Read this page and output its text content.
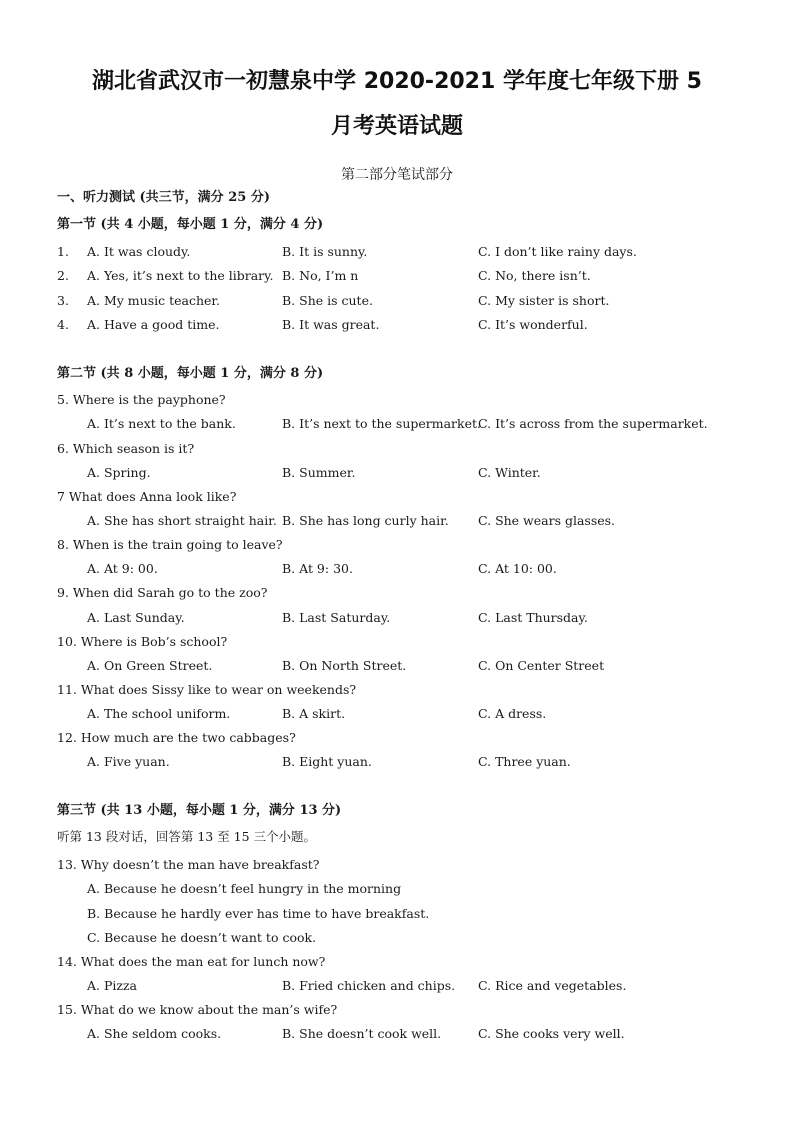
湖北省武汉市一初慧泉中学 2020-2021 学年度七年级下册 5
月考英语试题
第二部分笔试部分
一、听力测试 (共三节，满分 25 分)
第一节 (共 4 小题，每小题 1 分，满分 4 分)
1. A. It was cloudy.	B. It is sunny.	C. I don’t like rainy days.
2. A. Yes, it’s next to the library. B. No, I’m n	C. No, there isn’t.
3. A. My music teacher.	B. She is cute.	C. My sister is short.
4. A. Have a good time.	B. It was great.	C. It’s wonderful.
第二节 (共 8 小题，每小题 1 分，满分 8 分)
5. Where is the payphone?
A. It’s next to the bank.	B. It’s next to the supermarket.
C. It’s across from the supermarket.
6. Which season is it?
A. Spring.	B. Summer.	C. Winter.
7 What does Anna look like?
A. She has short straight hair. B. She has long curly hair. C. She wears glasses.
8. When is the train going to leave?
A. At 9: 00.	B. At 9: 30.	C. At 10: 00.
9. When did Sarah go to the zoo?
A. Last Sunday.	B. Last Saturday.	C. Last Thursday.
10. Where is Bob’s school?
A. On Green Street.	B. On North Street.	C. On Center Street
11. What does Sissy like to wear on weekends?
A. The school uniform.	B. A skirt.	C. A dress.
12. How much are the two cabbages?
A. Five yuan.	B. Eight yuan.	C. Three yuan.
第三节 (共 13 小题，每小题 1 分，满分 13 分)
听第 13 段对话，回答第 13 至 15 三个小题。
13. Why doesn’t the man have breakfast?
A. Because he doesn’t feel hungry in the morning
B. Because he hardly ever has time to have breakfast.
C. Because he doesn’t want to cook.
14. What does the man eat for lunch now?
A. Pizza	B. Fried chicken and chips. C. Rice and vegetables.
15. What do we know about the man’s wife?
A. She seldom cooks.	B. She doesn’t cook well.	C. She cooks very well.
